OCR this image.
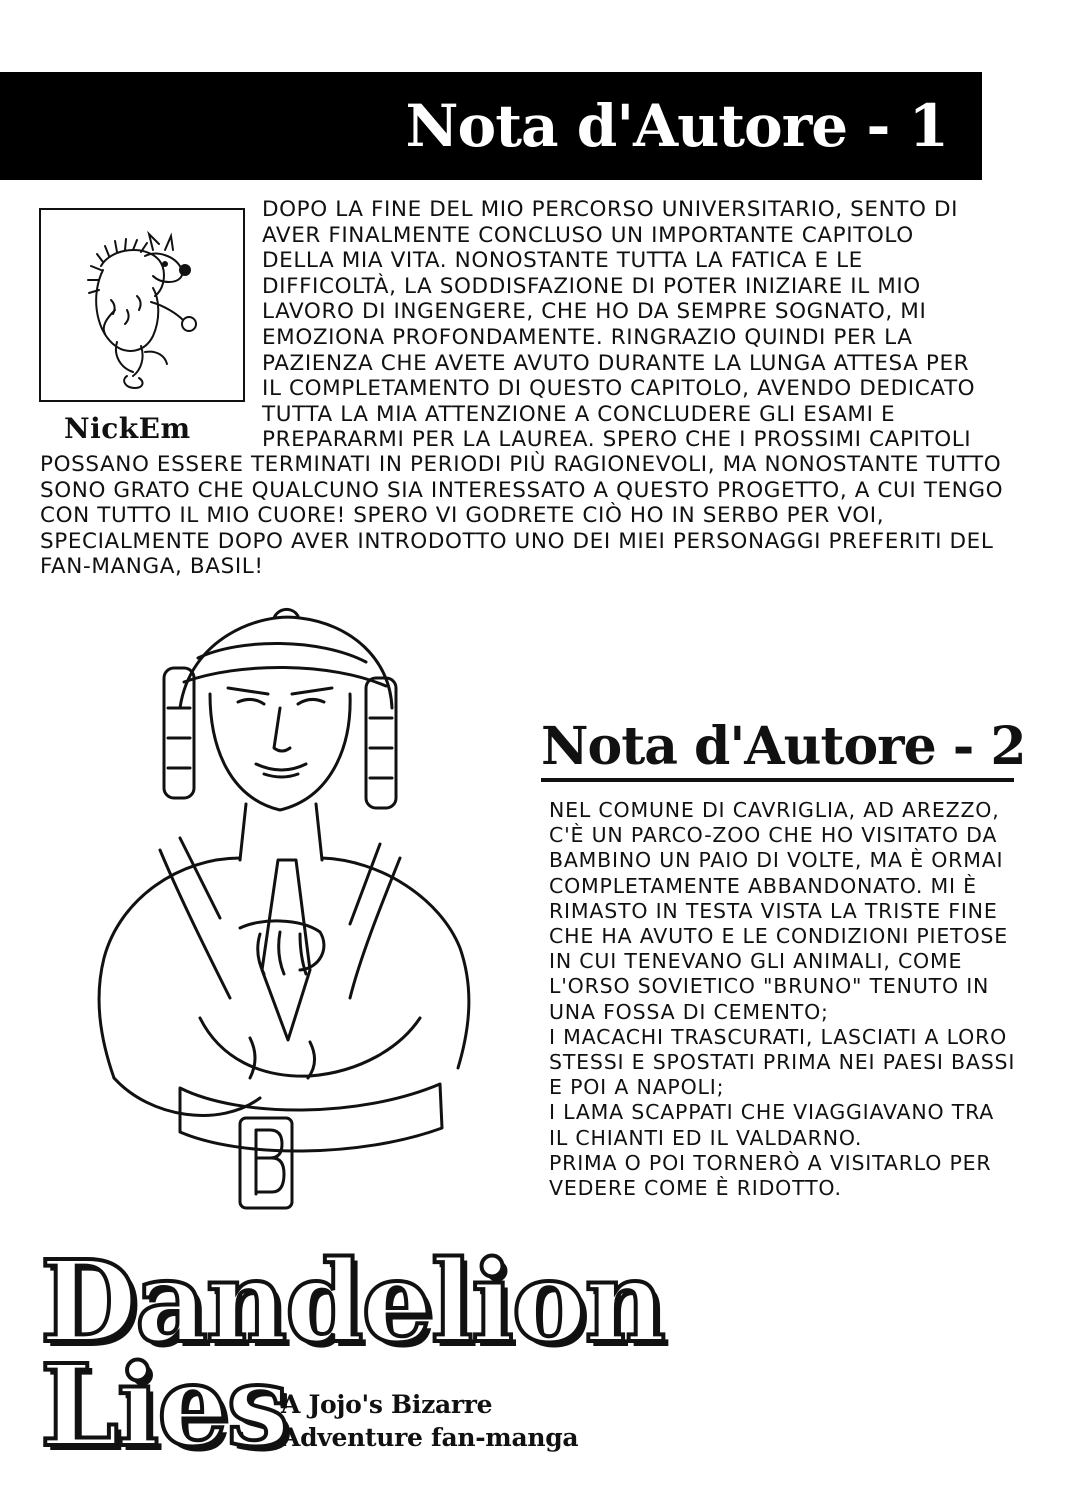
Nota d'Autore - 1
NickEm

DOPO LA FINE DEL MIO PERCORSO UNIVERSITARIO, SENTO DI AVER FINALMENTE CONCLUSO UN IMPORTANTE CAPITOLO DELLA MIA VITA. NONOSTANTE TUTTA LA FATICA E LE DIFFICOLTÀ, LA SODDISFAZIONE DI POTER INIZIARE IL MIO LAVORO DI INGENGERE, CHE HO DA SEMPRE SOGNATO, MI EMOZIONA PROFONDAMENTE. RINGRAZIO QUINDI PER LA PAZIENZA CHE AVETE AVUTO DURANTE LA LUNGA ATTESA PER IL COMPLETAMENTO DI QUESTO CAPITOLO, AVENDO DEDICATO TUTTA LA MIA ATTENZIONE A CONCLUDERE GLI ESAMI E PREPARARMI PER LA LAUREA. SPERO CHE I PROSSIMI CAPITOLI

POSSANO ESSERE TERMINATI IN PERIODI PIÙ RAGIONEVOLI, MA NONOSTANTE TUTTO SONO GRATO CHE QUALCUNO SIA INTERESSATO A QUESTO PROGETTO, A CUI TENGO CON TUTTO IL MIO CUORE! SPERO VI GODRETE CIÒ HO IN SERBO PER VOI, SPECIALMENTE DOPO AVER INTRODOTTO UNO DEI MIEI PERSONAGGI PREFERITI DEL FAN-MANGA, BASIL!

Nota d'Autore - 2

NEL COMUNE DI CAVRIGLIA, AD AREZZO, C'È UN PARCO-ZOO CHE HO VISITATO DA BAMBINO UN PAIO DI VOLTE, MA È ORMAI COMPLETAMENTE ABBANDONATO. MI È RIMASTO IN TESTA VISTA LA TRISTE FINE CHE HA AVUTO E LE CONDIZIONI PIETOSE IN CUI TENEVANO GLI ANIMALI, COME L'ORSO SOVIETICO "BRUNO" TENUTO IN UNA FOSSA DI CEMENTO;
I MACACHI TRASCURATI, LASCIATI A LORO STESSI E SPOSTATI PRIMA NEI PAESI BASSI E POI A NAPOLI;
I LAMA SCAPPATI CHE VIAGGIAVANO TRA IL CHIANTI ED IL VALDARNO.
PRIMA O POI TORNERÒ A VISITARLO PER VEDERE COME È RIDOTTO.

Dandelion
Lies
A Jojo's Bizarre
Adventure fan-manga
